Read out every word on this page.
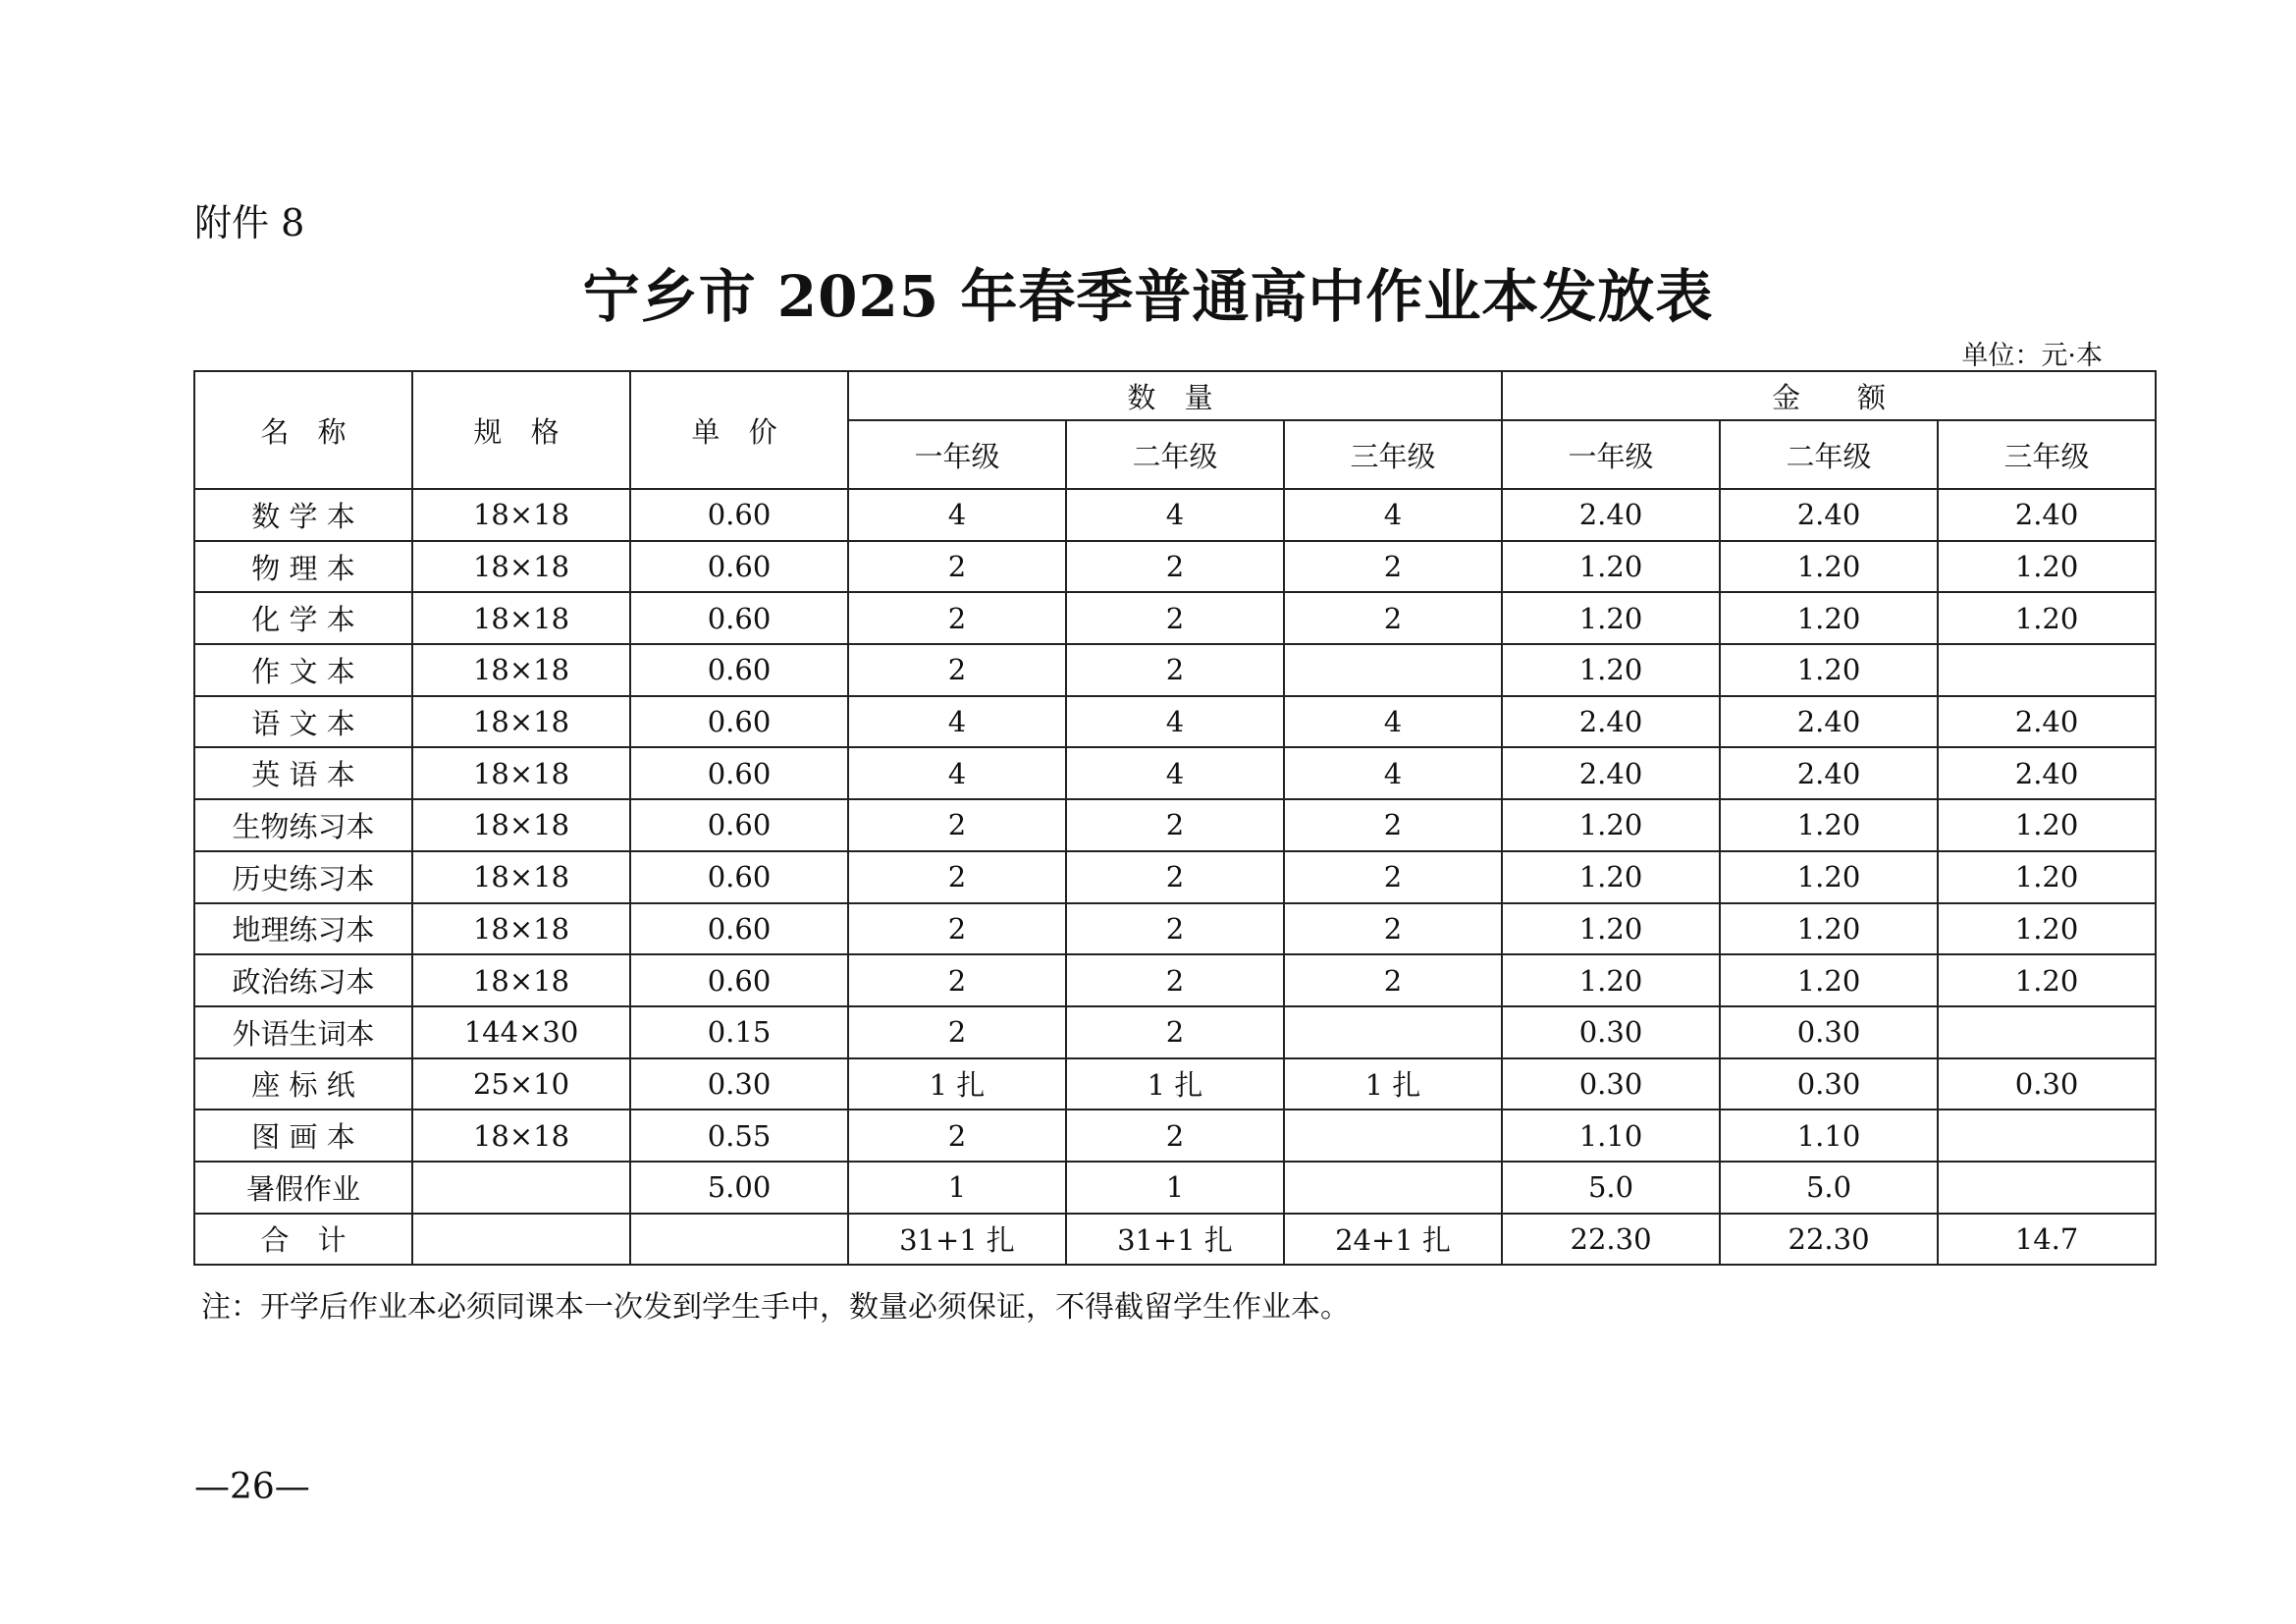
附件 8
宁乡市 2025 年春季普通高中作业本发放表
单位：元·本
名　称	规 格	单 价	数 量			金　　额		
			一年级	二年级	三年级	一年级	二年级	三年级
数 学 本	18×18	0.60	4	4	4	2.40	2.40	2.40
物 理 本	18×18	0.60	2	2	2	1.20	1.20	1.20
化 学 本	18×18	0.60	2	2	2	1.20	1.20	1.20
作 文 本	18×18	0.60	2	2		1.20	1.20	
语 文 本	18×18	0.60	4	4	4	2.40	2.40	2.40
英 语 本	18×18	0.60	4	4	4	2.40	2.40	2.40
生物练习本	18×18	0.60	2	2	2	1.20	1.20	1.20
历史练习本	18×18	0.60	2	2	2	1.20	1.20	1.20
地理练习本	18×18	0.60	2	2	2	1.20	1.20	1.20
政治练习本	18×18	0.60	2	2	2	1.20	1.20	1.20
外语生词本	144×30	0.15	2	2		0.30	0.30	
座 标 纸	25×10	0.30	1 扎	1 扎	1 扎	0.30	0.30	0.30
图 画 本	18×18	0.55	2	2		1.10	1.10	
暑假作业		5.00	1	1		5.0	5.0	
合　计			31+1 扎	31+1 扎	24+1 扎	22.30	22.30	14.7
注：开学后作业本必须同课本一次发到学生手中，数量必须保证，不得截留学生作业本。
—26—
